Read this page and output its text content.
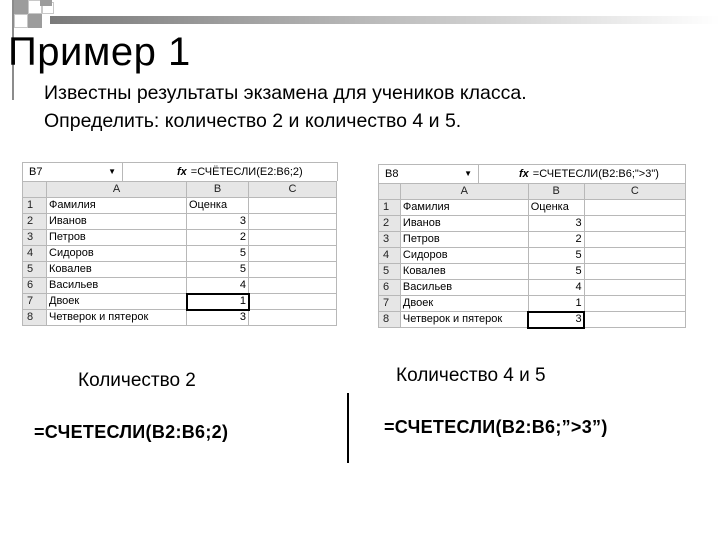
Пример 1
Известны результаты экзамена для учеников класса.
Определить: количество 2 и количество 4 и 5.
B7	▼	fx =СЧЁТЕСЛИ(E2:B6;2)
	A	B	C
1	Фамилия	Оценка	
2	Иванов	3	
3	Петров	2	
4	Сидоров	5	
5	Ковалев	5	
6	Васильев	4	
7	Двоек	1	
8	Четверок и пятерок	3	
B8	▼	fx =СЧЕТЕСЛИ(B2:B6;">3")
	A	B	C
1	Фамилия	Оценка	
2	Иванов	3	
3	Петров	2	
4	Сидоров	5	
5	Ковалев	5	
6	Васильев	4	
7	Двоек	1	
8	Четверок и пятерок	3	
Количество 2
=СЧЕТЕСЛИ(B2:B6;2)
Количество 4 и 5
=СЧЕТЕСЛИ(B2:B6;”>3”)
